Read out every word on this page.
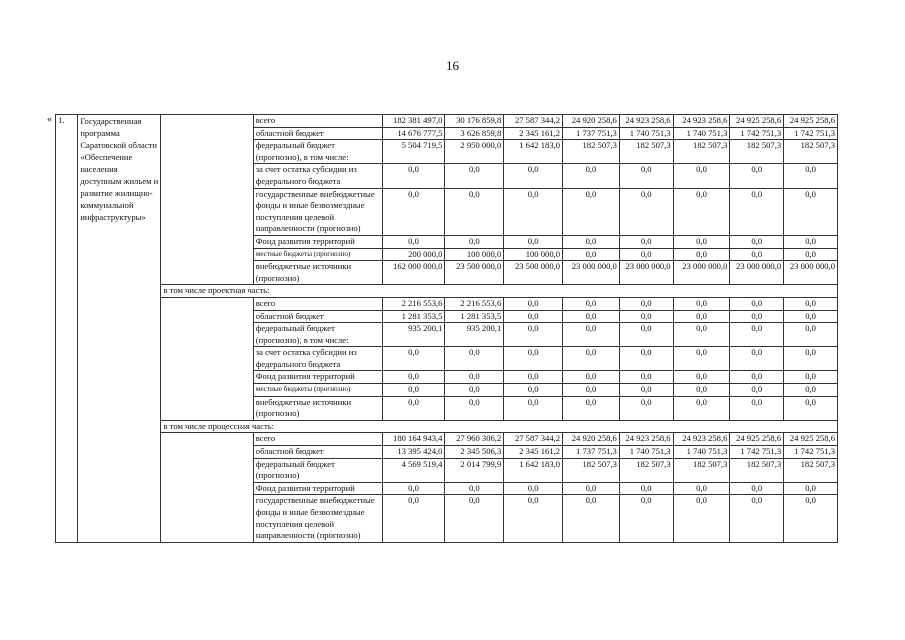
16
« 1.	Государственная программа Саратовской области «Обеспечение населения доступным жильем и развитие жилищно-коммунальной инфраструктуры»		всего	182 381 497,0	30 176 859,8	27 587 344,2	24 920 258,6	24 923 258,6	24 923 258,6	24 925 258,6	24 925 258,6
			областной бюджет	14 676 777,5	3 626 859,8	2 345 161,2	1 737 751,3	1 740 751,3	1 740 751,3	1 742 751,3	1 742 751,3
			федеральный бюджет (прогнозно), в том числе:	5 504 719,5	2 950 000,0	1 642 183,0	182 507,3	182 507,3	182 507,3	182 507,3	182 507,3
			за счет остатка субсидии из федерального бюджета	0,0	0,0	0,0	0,0	0,0	0,0	0,0	0,0
			государственные внебюджетные фонды и иные безвозмездные поступления целевой направленности (прогнозно)	0,0	0,0	0,0	0,0	0,0	0,0	0,0	0,0
			Фонд развития территорий	0,0	0,0	0,0	0,0	0,0	0,0	0,0	0,0
			местные бюджеты (прогнозно)	200 000,0	100 000,0	100 000,0	0,0	0,0	0,0	0,0	0,0
			внебюджетные источники (прогнозно)	162 000 000,0	23 500 000,0	23 500 000,0	23 000 000,0	23 000 000,0	23 000 000,0	23 000 000,0	23 000 000,0
		в том числе проектная часть:									
			всего	2 216 553,6	2 216 553,6	0,0	0,0	0,0	0,0	0,0	0,0
			областной бюджет	1 281 353,5	1 281 353,5	0,0	0,0	0,0	0,0	0,0	0,0
			федеральный бюджет (прогнозно), в том числе:	935 200,1	935 200,1	0,0	0,0	0,0	0,0	0,0	0,0
			за счет остатка субсидии из федерального бюджета	0,0	0,0	0,0	0,0	0,0	0,0	0,0	0,0
			Фонд развития территорий	0,0	0,0	0,0	0,0	0,0	0,0	0,0	0,0
			местные бюджеты (прогнозно)	0,0	0,0	0,0	0,0	0,0	0,0	0,0	0,0
			внебюджетные источники (прогнозно)	0,0	0,0	0,0	0,0	0,0	0,0	0,0	0,0
		в том числе процессная часть:									
			всего	180 164 943,4	27 960 306,2	27 587 344,2	24 920 258,6	24 923 258,6	24 923 258,6	24 925 258,6	24 925 258,6
			областной бюджет	13 395 424,0	2 345 506,3	2 345 161,2	1 737 751,3	1 740 751,3	1 740 751,3	1 742 751,3	1 742 751,3
			федеральный бюджет (прогнозно)	4 569 519,4	2 014 799,9	1 642 183,0	182 507,3	182 507,3	182 507,3	182 507,3	182 507,3
			Фонд развития территорий	0,0	0,0	0,0	0,0	0,0	0,0	0,0	0,0
			государственные внебюджетные фонды и иные безвозмездные поступления целевой направленности (прогнозно)	0,0	0,0	0,0	0,0	0,0	0,0	0,0	0,0
